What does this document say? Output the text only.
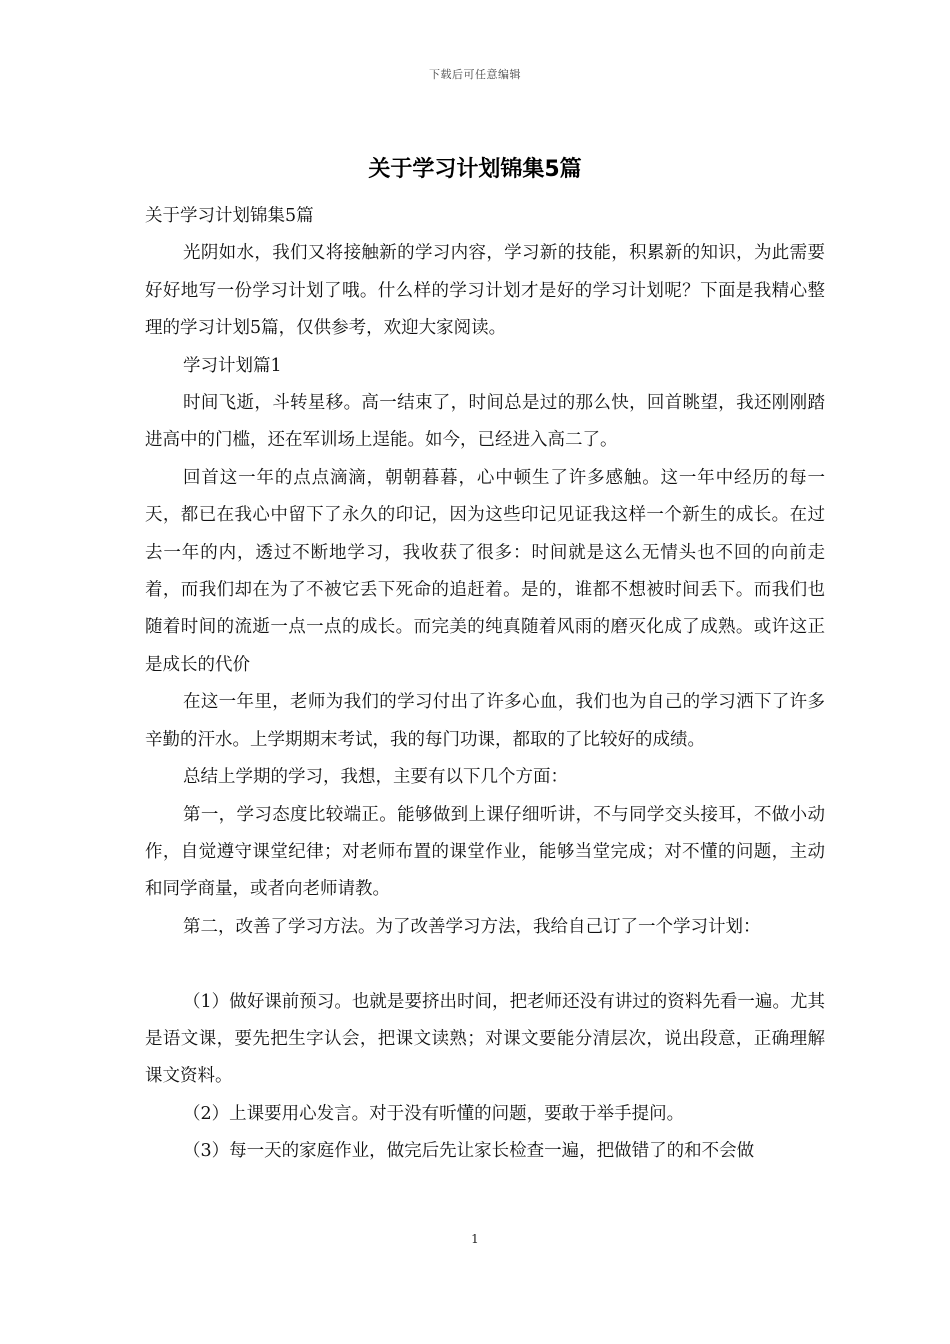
下载后可任意编辑
关于学习计划锦集5篇

关于学习计划锦集5篇

光阴如水，我们又将接触新的学习内容，学习新的技能，积累新的知识，为此需要好好地写一份学习计划了哦。什么样的学习计划才是好的学习计划呢？下面是我精心整理的学习计划5篇，仅供参考，欢迎大家阅读。

学习计划篇1

时间飞逝，斗转星移。高一结束了，时间总是过的那么快，回首眺望，我还刚刚踏进高中的门槛，还在军训场上逞能。如今，已经进入高二了。

回首这一年的点点滴滴，朝朝暮暮，心中顿生了许多感触。这一年中经历的每一天，都已在我心中留下了永久的印记，因为这些印记见证我这样一个新生的成长。在过去一年的内，透过不断地学习，我收获了很多：时间就是这么无情头也不回的向前走着，而我们却在为了不被它丢下死命的追赶着。是的，谁都不想被时间丢下。而我们也随着时间的流逝一点一点的成长。而完美的纯真随着风雨的磨灭化成了成熟。或许这正是成长的代价

在这一年里，老师为我们的学习付出了许多心血，我们也为自己的学习洒下了许多辛勤的汗水。上学期期末考试，我的每门功课，都取的了比较好的成绩。

总结上学期的学习，我想，主要有以下几个方面：

第一，学习态度比较端正。能够做到上课仔细听讲，不与同学交头接耳，不做小动作，自觉遵守课堂纪律；对老师布置的课堂作业，能够当堂完成；对不懂的问题，主动和同学商量，或者向老师请教。

第二，改善了学习方法。为了改善学习方法，我给自己订了一个学习计划：

（1）做好课前预习。也就是要挤出时间，把老师还没有讲过的资料先看一遍。尤其是语文课，要先把生字认会，把课文读熟；对课文要能分清层次，说出段意，正确理解课文资料。

（2）上课要用心发言。对于没有听懂的问题，要敢于举手提问。

（3）每一天的家庭作业，做完后先让家长检查一遍，把做错了的和不会做

1
